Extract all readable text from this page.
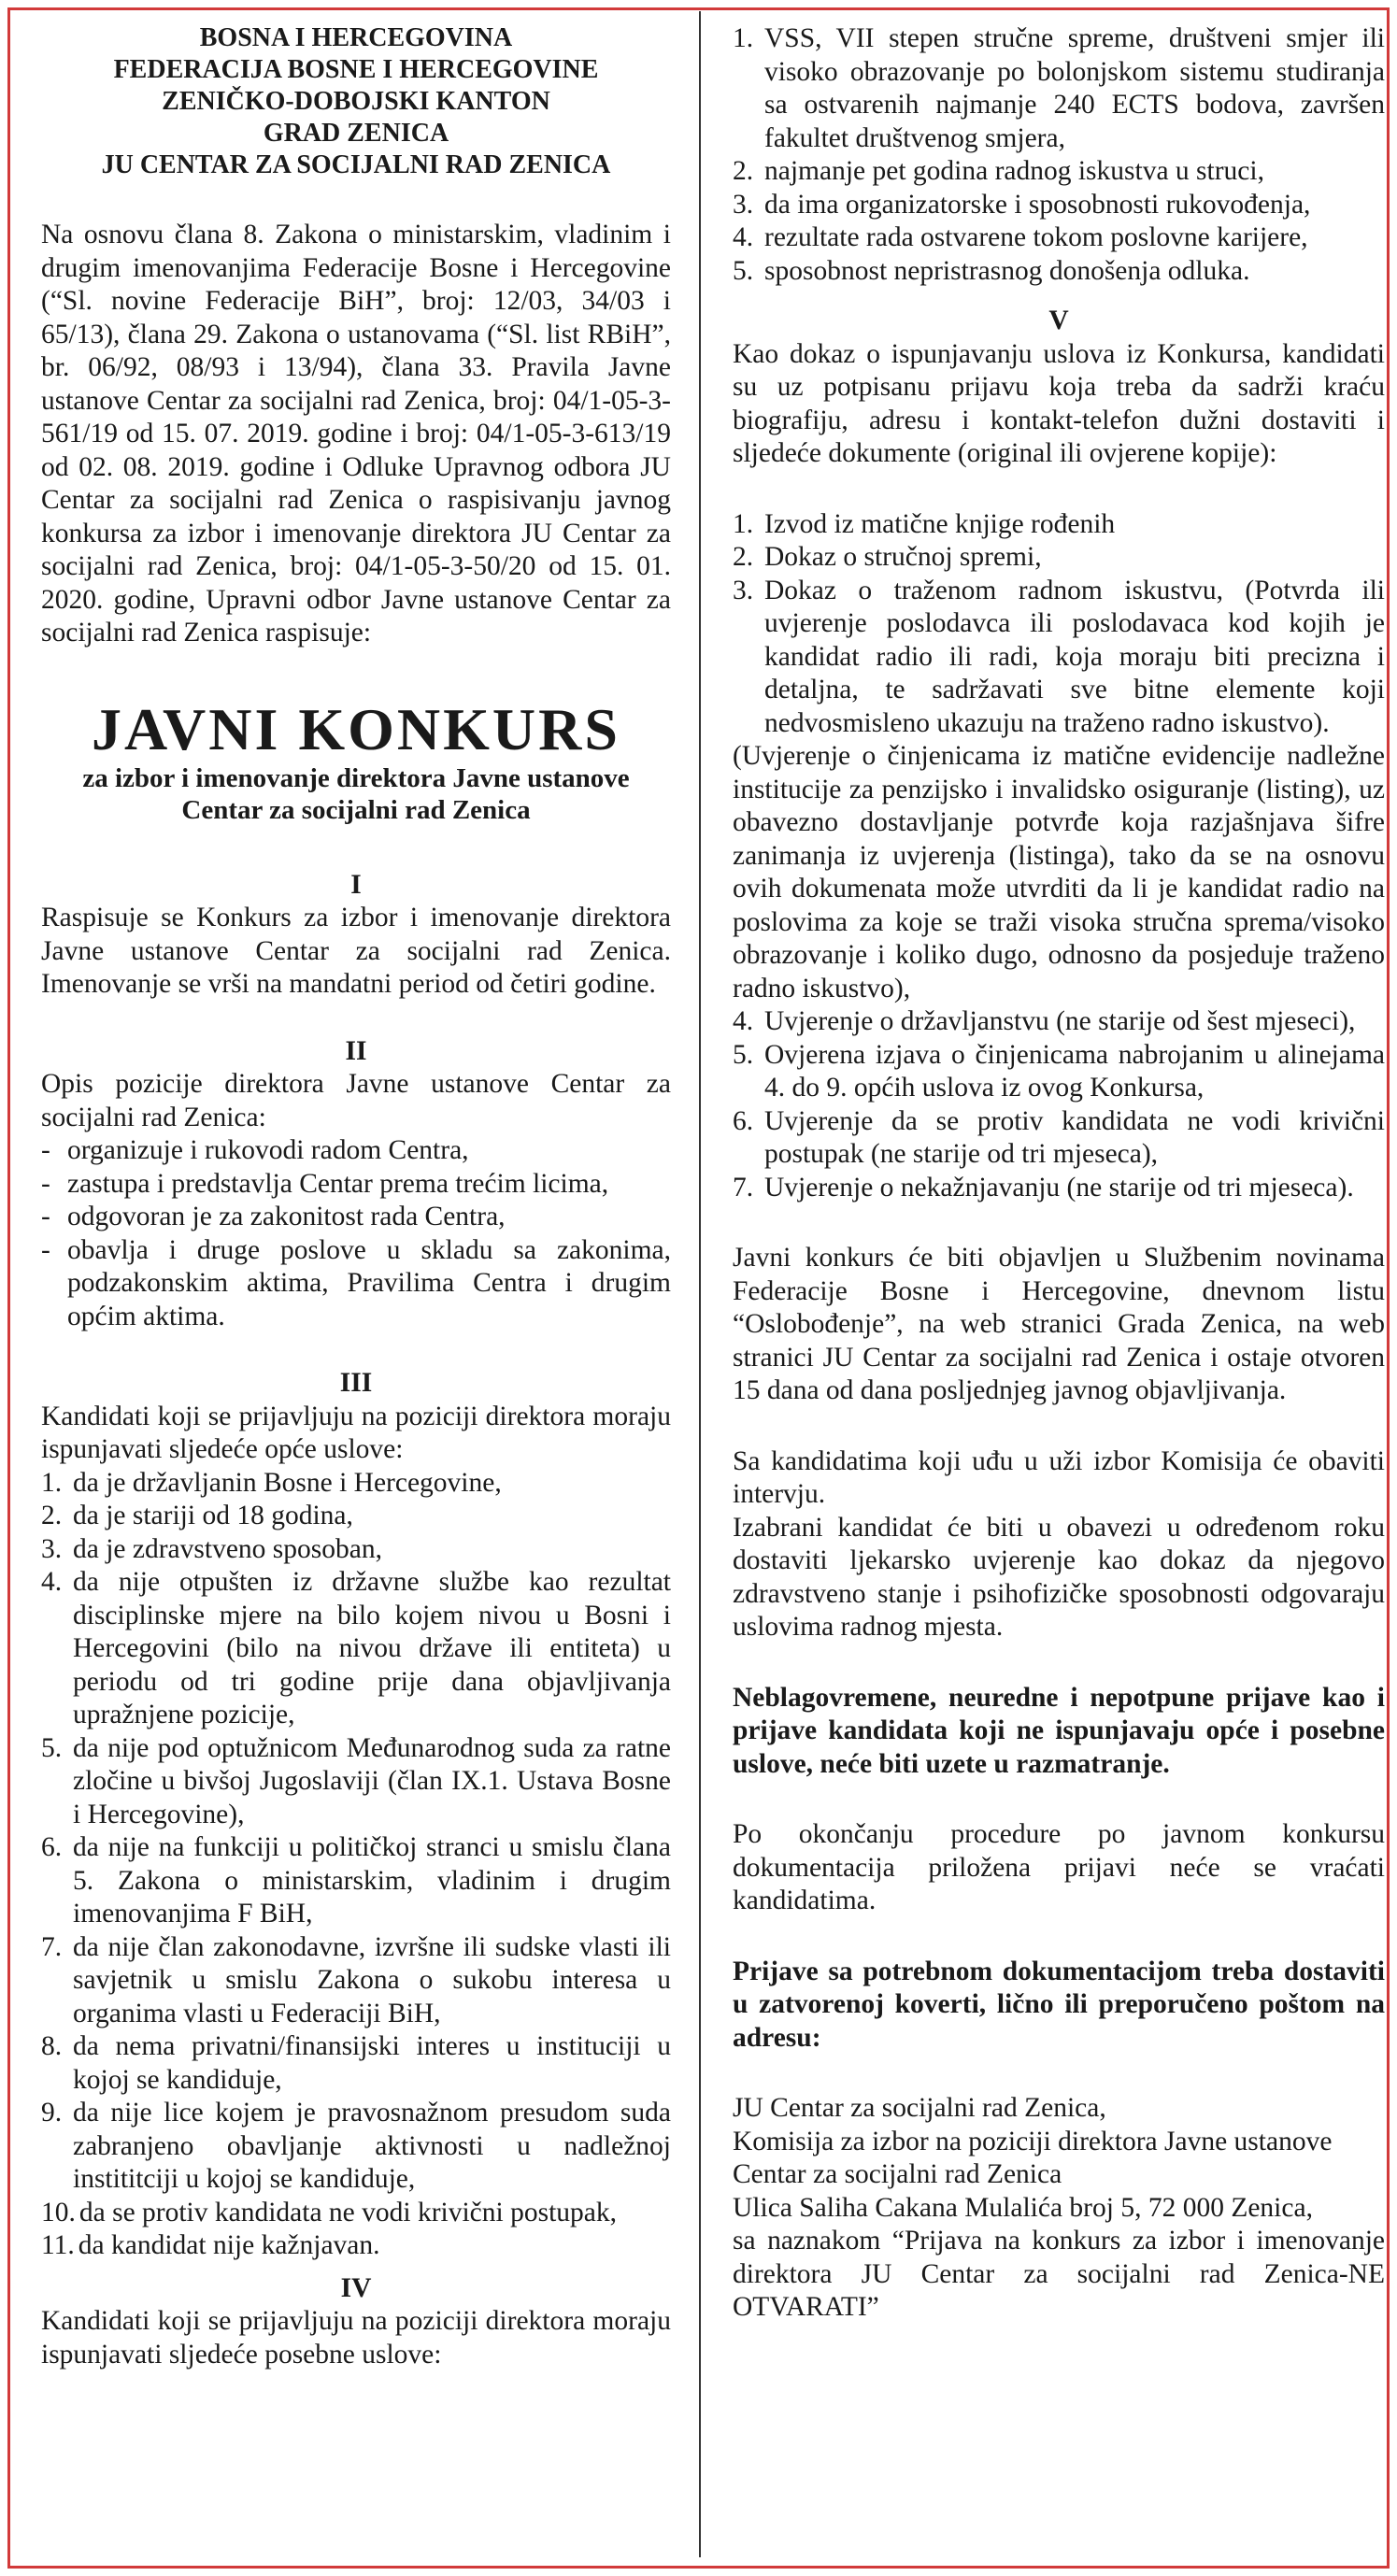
BOSNA I HERCEGOVINA

FEDERACIJA BOSNE I HERCEGOVINE

ZENIČKO-DOBOJSKI KANTON

GRAD ZENICA

JU CENTAR ZA SOCIJALNI RAD ZENICA

Na osnovu člana 8. Zakona o ministarskim, vladinim i drugim imenovanjima Federacije Bosne i Hercegovine (“Sl. novine Federacije BiH”, broj: 12/03, 34/03 i 65/13), člana 29. Zakona o ustanovama (“Sl. list RBiH”, br. 06/92, 08/93 i 13/94), člana 33. Pravila Javne ustanove Centar za socijalni rad Zenica, broj: 04/1-05-3-561/19 od 15. 07. 2019. godine i broj: 04/1-05-3-613/19 od 02. 08. 2019. godine i Odluke Upravnog odbora JU Centar za socijalni rad Zenica o raspisivanju javnog konkursa za izbor i imenovanje direktora JU Centar za socijalni rad Zenica, broj: 04/1-05-3-50/20 od 15. 01. 2020. godine, Upravni odbor Javne ustanove Centar za socijalni rad Zenica raspisuje:

JAVNI KONKURS

za izbor i imenovanje direktora Javne ustanove Centar za socijalni rad Zenica

I

Raspisuje se Konkurs za izbor i imenovanje direktora Javne ustanove Centar za socijalni rad Zenica. Imenovanje se vrši na mandatni period od četiri godine.

II

Opis pozicije direktora Javne ustanove Centar za socijalni rad Zenica:

- organizuje i rukovodi radom Centra,
- zastupa i predstavlja Centar prema trećim licima,
- odgovoran je za zakonitost rada Centra,
- obavlja i druge poslove u skladu sa zakonima, podzakonskim aktima, Pravilima Centra i drugim općim aktima.

III

Kandidati koji se prijavljuju na poziciji direktora moraju ispunjavati sljedeće opće uslove:

1. da je državljanin Bosne i Hercegovine,
2. da je stariji od 18 godina,
3. da je zdravstveno sposoban,
4. da nije otpušten iz državne službe kao rezultat disciplinske mjere na bilo kojem nivou u Bosni i Hercegovini (bilo na nivou države ili entiteta) u periodu od tri godine prije dana objavljivanja upražnjene pozicije,
5. da nije pod optužnicom Međunarodnog suda za ratne zločine u bivšoj Jugoslaviji (član IX.1. Ustava Bosne i Hercegovine),
6. da nije na funkciji u političkoj stranci u smislu člana 5. Zakona o ministarskim, vladinim i drugim imenovanjima F BiH,
7. da nije član zakonodavne, izvršne ili sudske vlasti ili savjetnik u smislu Zakona o sukobu interesa u organima vlasti u Federaciji BiH,
8. da nema privatni/finansijski interes u instituciji u kojoj se kandiduje,
9. da nije lice kojem je pravosnažnom presudom suda zabranjeno obavljanje aktivnosti u nadležnoj instititciji u kojoj se kandiduje,
10. da se protiv kandidata ne vodi krivični postupak,
11. da kandidat nije kažnjavan.

IV

Kandidati koji se prijavljuju na poziciji direktora moraju ispunjavati sljedeće posebne uslove:

1. VSS, VII stepen stručne spreme, društveni smjer ili visoko obrazovanje po bolonjskom sistemu studiranja sa ostvarenih najmanje 240 ECTS bodova, završen fakultet društvenog smjera,
2. najmanje pet godina radnog iskustva u struci,
3. da ima organizatorske i sposobnosti rukovođenja,
4. rezultate rada ostvarene tokom poslovne karijere,
5. sposobnost nepristrasnog donošenja odluka.

V

Kao dokaz o ispunjavanju uslova iz Konkursa, kandidati su uz potpisanu prijavu koja treba da sadrži kraću biografiju, adresu i kontakt-telefon dužni dostaviti i sljedeće dokumente (original ili ovjerene kopije):

1. Izvod iz matične knjige rođenih
2. Dokaz o stručnoj spremi,
3. Dokaz o traženom radnom iskustvu, (Potvrda ili uvjerenje poslodavca ili poslodavaca kod kojih je kandidat radio ili radi, koja moraju biti precizna i detaljna, te sadržavati sve bitne elemente koji nedvosmisleno ukazuju na traženo radno iskustvo).

(Uvjerenje o činjenicama iz matične evidencije nadležne institucije za penzijsko i invalidsko osiguranje (listing), uz obavezno dostavljanje potvrđe koja razjašnjava šifre zanimanja iz uvjerenja (listinga), tako da se na osnovu ovih dokumenata može utvrditi da li je kandidat radio na poslovima za koje se traži visoka stručna sprema/visoko obrazovanje i koliko dugo, odnosno da posjeduje traženo radno iskustvo),

4. Uvjerenje o državljanstvu (ne starije od šest mjeseci),
5. Ovjerena izjava o činjenicama nabrojanim u alinejama 4. do 9. općih uslova iz ovog Konkursa,
6. Uvjerenje da se protiv kandidata ne vodi krivični postupak (ne starije od tri mjeseca),
7. Uvjerenje o nekažnjavanju (ne starije od tri mjeseca).

Javni konkurs će biti objavljen u Službenim novinama Federacije Bosne i Hercegovine, dnevnom listu “Oslobođenje”, na web stranici Grada Zenica, na web stranici JU Centar za socijalni rad Zenica i ostaje otvoren 15 dana od dana posljednjeg javnog objavljivanja.

Sa kandidatima koji uđu u uži izbor Komisija će obaviti intervju.

Izabrani kandidat će biti u obavezi u određenom roku dostaviti ljekarsko uvjerenje kao dokaz da njegovo zdravstveno stanje i psihofizičke sposobnosti odgovaraju uslovima radnog mjesta.

Neblagovremene, neuredne i nepotpune prijave kao i prijave kandidata koji ne ispunjavaju opće i posebne uslove, neće biti uzete u razmatranje.

Po okončanju procedure po javnom konkursu dokumentacija priložena prijavi neće se vraćati kandidatima.

Prijave sa potrebnom dokumentacijom treba dostaviti u zatvorenoj koverti, lično ili preporučeno poštom na adresu:

JU Centar za socijalni rad Zenica,

Komisija za izbor na poziciji direktora Javne ustanove Centar za socijalni rad Zenica

Ulica Saliha Cakana Mulalića broj 5, 72 000 Zenica,

sa naznakom “Prijava na konkurs za izbor i imenovanje direktora JU Centar za socijalni rad Zenica-NE OTVARATI”
